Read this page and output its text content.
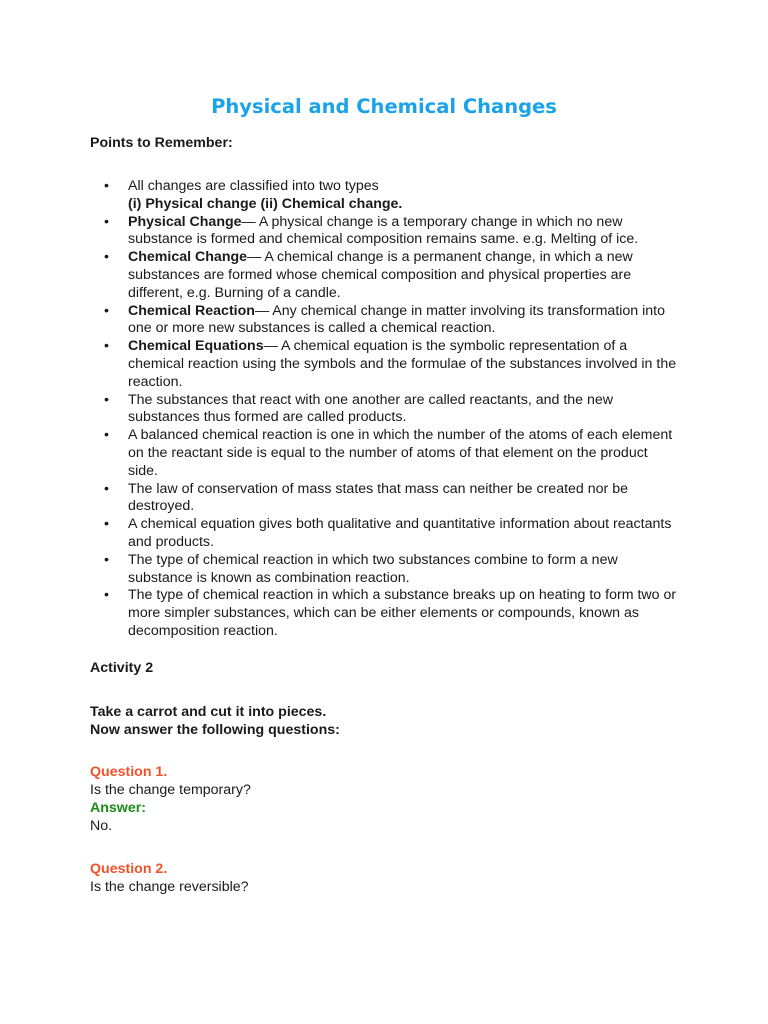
Physical and Chemical Changes
Points to Remember:
• All changes are classified into two types
(i) Physical change (ii) Chemical change.
• Physical Change— A physical change is a temporary change in which no new substance is formed and chemical composition remains same. e.g. Melting of ice.
• Chemical Change— A chemical change is a permanent change, in which a new substances are formed whose chemical composition and physical properties are different, e.g. Burning of a candle.
• Chemical Reaction— Any chemical change in matter involving its transformation into one or more new substances is called a chemical reaction.
• Chemical Equations— A chemical equation is the symbolic representation of a chemical reaction using the symbols and the formulae of the substances involved in the reaction.
• The substances that react with one another are called reactants, and the new substances thus formed are called products.
• A balanced chemical reaction is one in which the number of the atoms of each element on the reactant side is equal to the number of atoms of that element on the product side.
• The law of conservation of mass states that mass can neither be created nor be destroyed.
• A chemical equation gives both qualitative and quantitative information about reactants and products.
• The type of chemical reaction in which two substances combine to form a new substance is known as combination reaction.
• The type of chemical reaction in which a substance breaks up on heating to form two or more simpler substances, which can be either elements or compounds, known as decomposition reaction.
Activity 2
Take a carrot and cut it into pieces.
Now answer the following questions:
Question 1.
Is the change temporary?
Answer:
No.
Question 2.
Is the change reversible?
